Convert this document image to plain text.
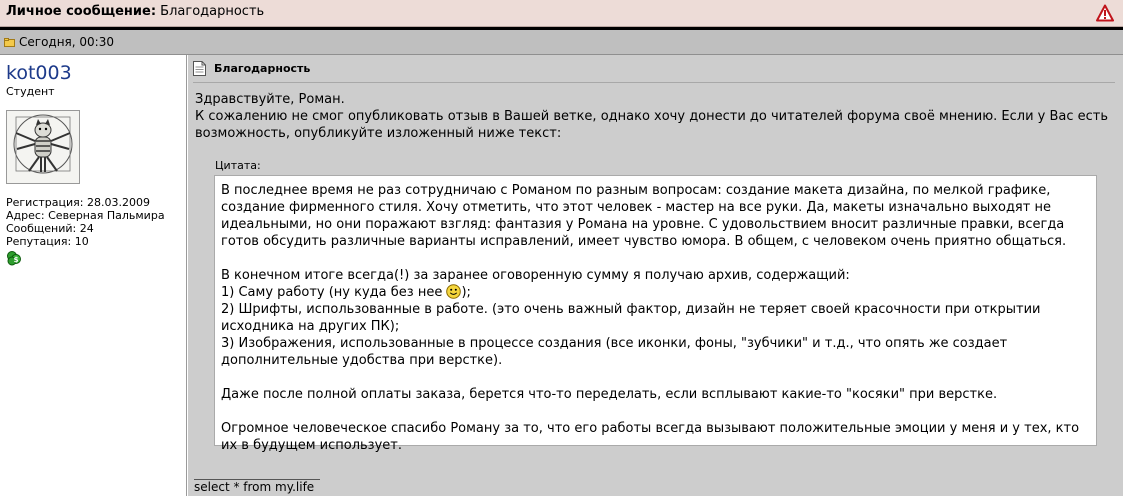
Личное сообщение: Благодарность
Сегодня, 00:30
kot003
Студент
Регистрация: 28.03.2009
Адрес: Северная Пальмира
Сообщений: 24
Репутация: 10
$
Благодарность
Здравствуйте, Роман.
К сожалению не смог опубликовать отзыв в Вашей ветке, однако хочу донести до читателей форума своё мнению. Если у Вас есть возможность, опубликуйте изложенный ниже текст:
Цитата:

В последнее время не раз сотрудничаю с Романом по разным вопросам: создание макета дизайна, по мелкой графике, создание фирменного стиля. Хочу отметить, что этот человек - мастер на все руки. Да, макеты изначально выходят не идеальными, но они поражают взгляд: фантазия у Романа на уровне. С удовольствием вносит различные правки, всегда готов обсудить различные варианты исправлений, имеет чувство юмора. В общем, с человеком очень приятно общаться.

В конечном итоге всегда(!) за заранее оговоренную сумму я получаю архив, содержащий:
1) Саму работу (ну куда без нее );
2) Шрифты, использованные в работе. (это очень важный фактор, дизайн не теряет своей красочности при открытии исходника на других ПК);
3) Изображения, использованные в процессе создания (все иконки, фоны, "зубчики" и т.д., что опять же создает дополнительные удобства при верстке).

Даже после полной оплаты заказа, берется что-то переделать, если всплывают какие-то "косяки" при верстке.

Огромное человеческое спасибо Роману за то, что его работы всегда вызывают положительные эмоции у меня и у тех, кто их в будущем использует.

select * from my.life
